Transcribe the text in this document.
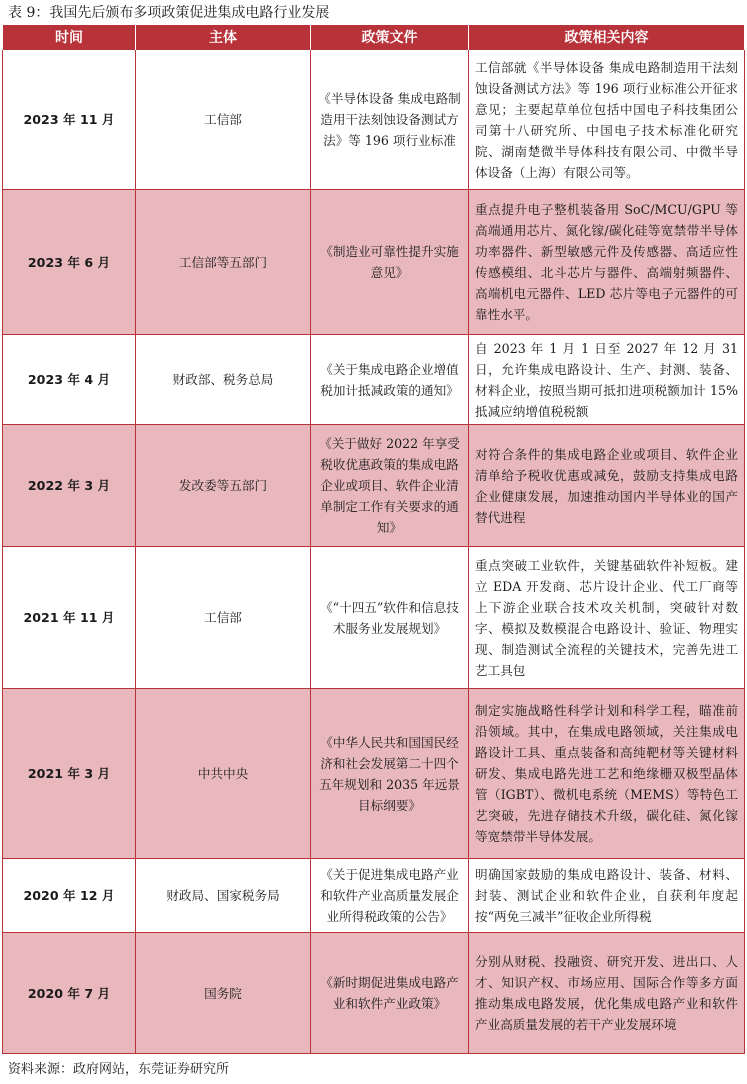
表 9：我国先后颁布多项政策促进集成电路行业发展
时间	主体	政策文件	政策相关内容
2023 年 11 月	工信部	《半导体设备 集成电路制造用干法刻蚀设备测试方法》等 196 项行业标准	工信部就《半导体设备 集成电路制造用干法刻蚀设备测试方法》等 196 项行业标准公开征求意见；主要起草单位包括中国电子科技集团公司第十八研究所、中国电子技术标准化研究院、湖南楚微半导体科技有限公司、中微半导体设备（上海）有限公司等。
2023 年 6 月	工信部等五部门	《制造业可靠性提升实施意见》	重点提升电子整机装备用 SoC/MCU/GPU 等高端通用芯片、氮化镓/碳化硅等宽禁带半导体功率器件、新型敏感元件及传感器、高适应性传感模组、北斗芯片与器件、高端射频器件、高端机电元器件、LED 芯片等电子元器件的可靠性水平。
2023 年 4 月	财政部、税务总局	《关于集成电路企业增值税加计抵减政策的通知》	自 2023 年 1 月 1 日至 2027 年 12 月 31 日，允许集成电路设计、生产、封测、装备、材料企业，按照当期可抵扣进项税额加计 15%抵减应纳增值税税额
2022 年 3 月	发改委等五部门	《关于做好 2022 年享受税收优惠政策的集成电路企业或项目、软件企业清单制定工作有关要求的通知》	对符合条件的集成电路企业或项目、软件企业清单给予税收优惠或减免，鼓励支持集成电路企业健康发展，加速推动国内半导体业的国产替代进程
2021 年 11 月	工信部	《“十四五”软件和信息技术服务业发展规划》	重点突破工业软件，关键基础软件补短板。建立 EDA 开发商、芯片设计企业、代工厂商等上下游企业联合技术攻关机制，突破针对数字、模拟及数模混合电路设计、验证、物理实现、制造测试全流程的关键技术，完善先进工艺工具包
2021 年 3 月	中共中央	《中华人民共和国国民经济和社会发展第二十四个五年规划和 2035 年远景目标纲要》	制定实施战略性科学计划和科学工程，瞄准前沿领域。其中，在集成电路领域，关注集成电路设计工具、重点装备和高纯靶材等关键材料研发、集成电路先进工艺和绝缘栅双极型晶体管（IGBT）、微机电系统（MEMS）等特色工艺突破，先进存储技术升级，碳化硅、氮化镓等宽禁带半导体发展。
2020 年 12 月	财政局、国家税务局	《关于促进集成电路产业和软件产业高质量发展企业所得税政策的公告》	明确国家鼓励的集成电路设计、装备、材料、封装、测试企业和软件企业，自获利年度起按“两免三减半”征收企业所得税
2020 年 7 月	国务院	《新时期促进集成电路产业和软件产业政策》	分别从财税、投融资、研究开发、进出口、人才、知识产权、市场应用、国际合作等多方面推动集成电路发展，优化集成电路产业和软件产业高质量发展的若干产业发展环境
资料来源：政府网站，东莞证券研究所
